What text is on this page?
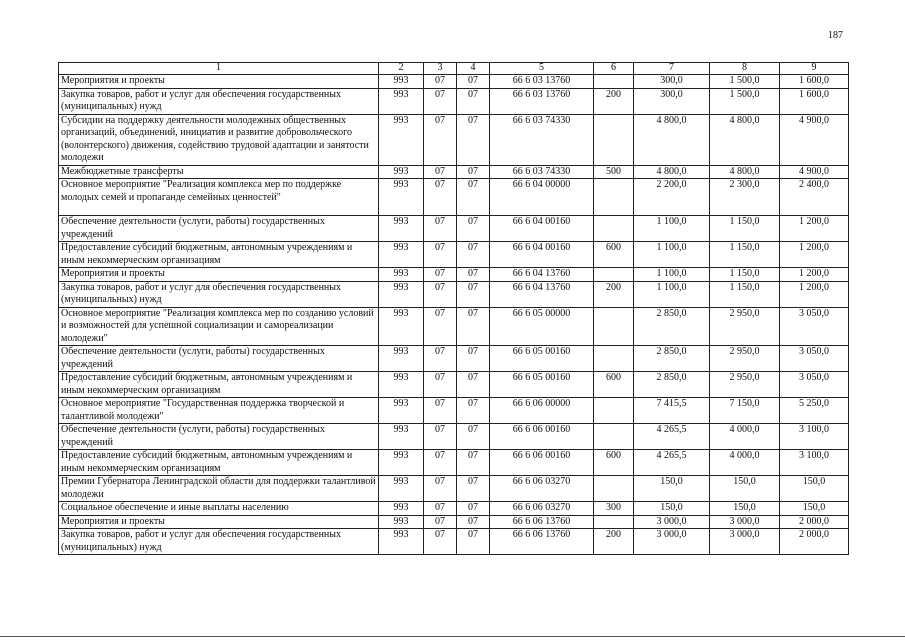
187
1	2	3	4	5	6	7	8	9
Мероприятия и проекты	993	07	07	66 6 03 13760		300,0	1 500,0	1 600,0
Закупка товаров, работ и услуг для обеспечения государственных (муниципальных) нужд	993	07	07	66 6 03 13760	200	300,0	1 500,0	1 600,0
Субсидии на поддержку деятельности молодежных общественных организаций, объединений, инициатив и развитие добровольческого (волонтерского) движения, содействию трудовой адаптации и занятости молодежи	993	07	07	66 6 03 74330		4 800,0	4 800,0	4 900,0
Межбюджетные трансферты	993	07	07	66 6 03 74330	500	4 800,0	4 800,0	4 900,0
Основное мероприятие "Реализация комплекса мер по поддержке молодых семей и пропаганде семейных ценностей"	993	07	07	66 6 04 00000		2 200,0	2 300,0	2 400,0
Обеспечение деятельности (услуги, работы) государственных учреждений	993	07	07	66 6 04 00160		1 100,0	1 150,0	1 200,0
Предоставление субсидий бюджетным, автономным учреждениям и иным некоммерческим организациям	993	07	07	66 6 04 00160	600	1 100,0	1 150,0	1 200,0
Мероприятия и проекты	993	07	07	66 6 04 13760		1 100,0	1 150,0	1 200,0
Закупка товаров, работ и услуг для обеспечения государственных (муниципальных) нужд	993	07	07	66 6 04 13760	200	1 100,0	1 150,0	1 200,0
Основное мероприятие "Реализация комплекса мер по созданию условий и возможностей для успешной социализации и самореализации молодежи"	993	07	07	66 6 05 00000		2 850,0	2 950,0	3 050,0
Обеспечение деятельности (услуги, работы) государственных учреждений	993	07	07	66 6 05 00160		2 850,0	2 950,0	3 050,0
Предоставление субсидий бюджетным, автономным учреждениям и иным некоммерческим организациям	993	07	07	66 6 05 00160	600	2 850,0	2 950,0	3 050,0
Основное мероприятие "Государственная поддержка творческой и талантливой молодежи"	993	07	07	66 6 06 00000		7 415,5	7 150,0	5 250,0
Обеспечение деятельности (услуги, работы) государственных учреждений	993	07	07	66 6 06 00160		4 265,5	4 000,0	3 100,0
Предоставление субсидий бюджетным, автономным учреждениям и иным некоммерческим организациям	993	07	07	66 6 06 00160	600	4 265,5	4 000,0	3 100,0
Премии Губернатора Ленинградской области для поддержки талантливой молодежи	993	07	07	66 6 06 03270		150,0	150,0	150,0
Социальное обеспечение и иные выплаты населению	993	07	07	66 6 06 03270	300	150,0	150,0	150,0
Мероприятия и проекты	993	07	07	66 6 06 13760		3 000,0	3 000,0	2 000,0
Закупка товаров, работ и услуг для обеспечения государственных (муниципальных) нужд	993	07	07	66 6 06 13760	200	3 000,0	3 000,0	2 000,0
